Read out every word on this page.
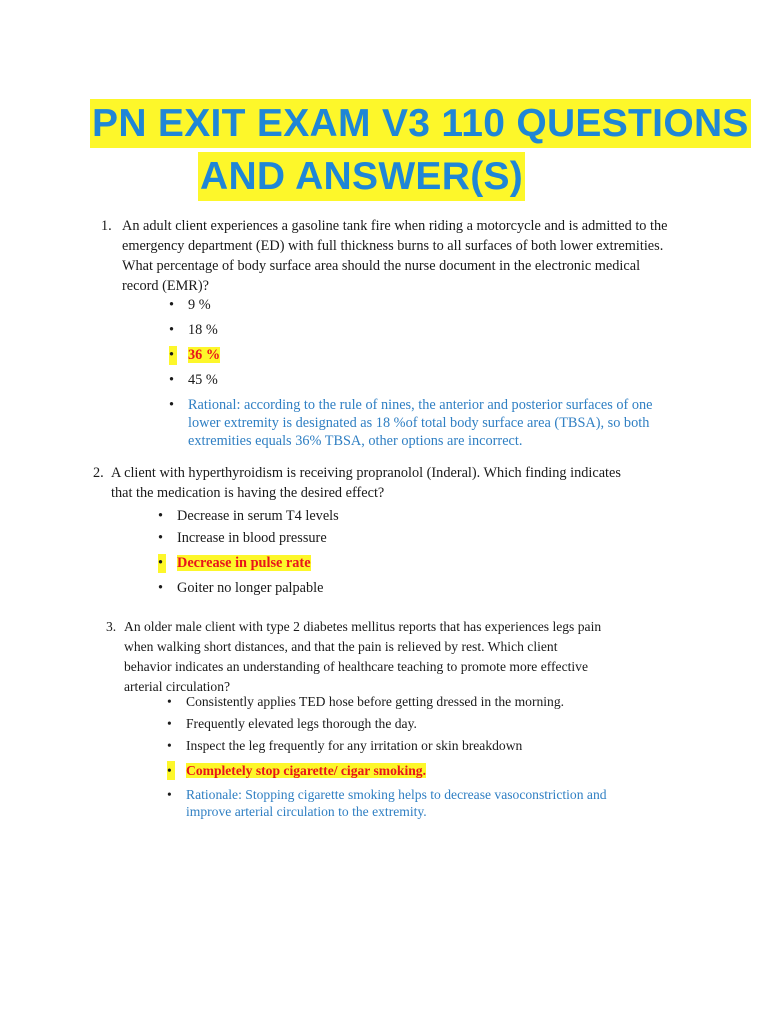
PN EXIT EXAM V3 110 QUESTIONS
AND ANSWER(S)
1. An adult client experiences a gasoline tank fire when riding a motorcycle and is admitted to the emergency department (ED) with full thickness burns to all surfaces of both lower extremities. What percentage of body surface area should the nurse document in the electronic medical record (EMR)?

• 9 %
• 18 %
• 36 %
• 45 %
• Rational: according to the rule of nines, the anterior and posterior surfaces of one lower extremity is designated as 18 %of total body surface area (TBSA), so both extremities equals 36% TBSA, other options are incorrect.
2. A client with hyperthyroidism is receiving propranolol (Inderal). Which finding indicates that the medication is having the desired effect?

• Decrease in serum T4 levels
• Increase in blood pressure
• Decrease in pulse rate
• Goiter no longer palpable
3. An older male client with type 2 diabetes mellitus reports that has experiences legs pain when walking short distances, and that the pain is relieved by rest. Which client behavior indicates an understanding of healthcare teaching to promote more effective arterial circulation?

• Consistently applies TED hose before getting dressed in the morning.
• Frequently elevated legs thorough the day.
• Inspect the leg frequently for any irritation or skin breakdown
• Completely stop cigarette/ cigar smoking.
• Rationale: Stopping cigarette smoking helps to decrease vasoconstriction and improve arterial circulation to the extremity.
